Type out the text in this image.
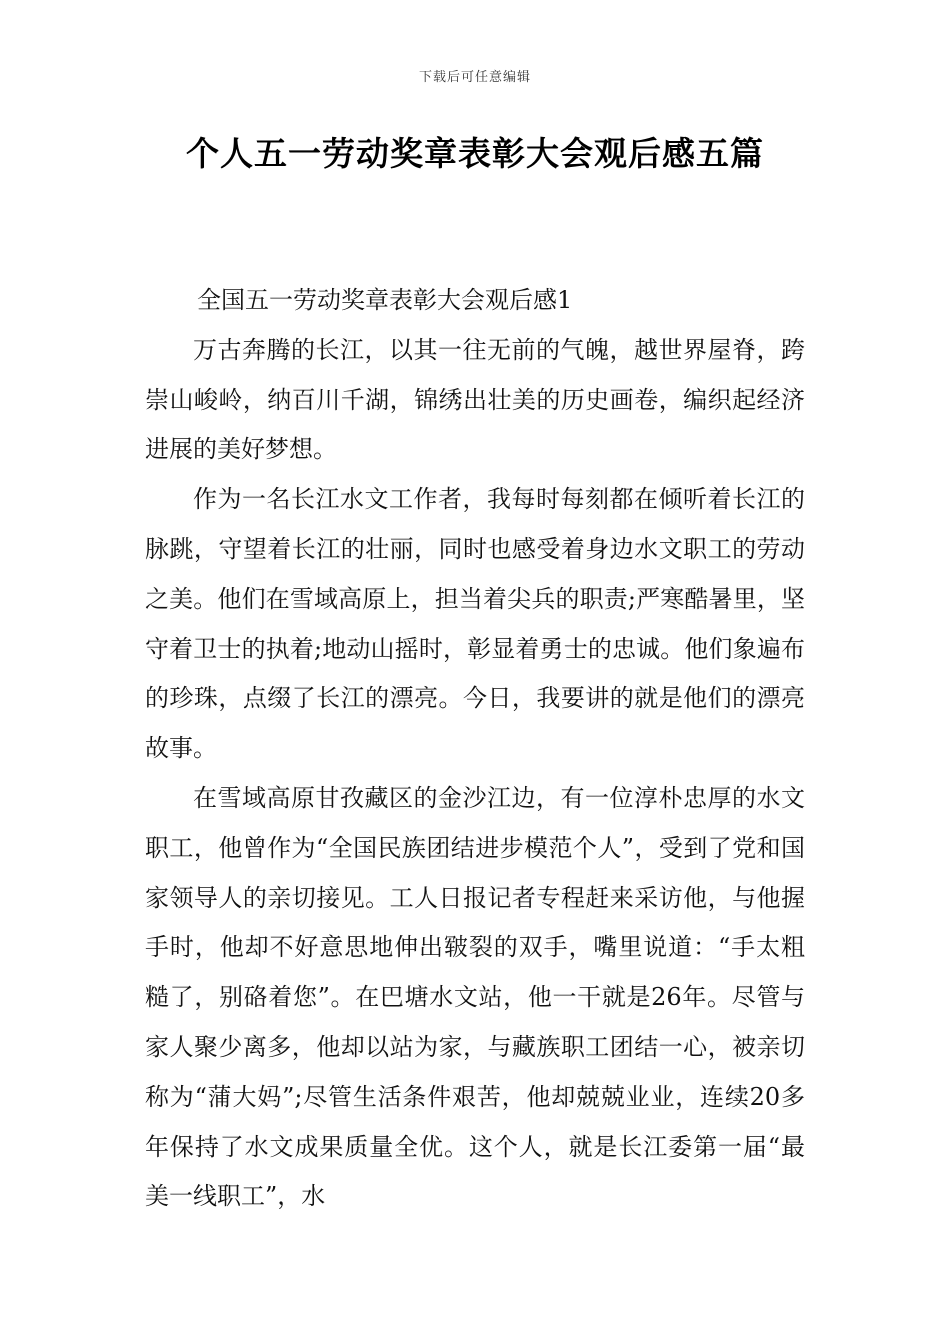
下载后可任意编辑
个人五一劳动奖章表彰大会观后感五篇
全国五一劳动奖章表彰大会观后感1

万古奔腾的长江，以其一往无前的气魄，越世界屋脊，跨崇山峻岭，纳百川千湖，锦绣出壮美的历史画卷，编织起经济进展的美好梦想。

作为一名长江水文工作者，我每时每刻都在倾听着长江的脉跳，守望着长江的壮丽，同时也感受着身边水文职工的劳动之美。他们在雪域高原上，担当着尖兵的职责;严寒酷暑里，坚守着卫士的执着;地动山摇时，彰显着勇士的忠诚。他们象遍布的珍珠，点缀了长江的漂亮。今日，我要讲的就是他们的漂亮故事。

在雪域高原甘孜藏区的金沙江边，有一位淳朴忠厚的水文职工，他曾作为“全国民族团结进步模范个人”，受到了党和国家领导人的亲切接见。工人日报记者专程赶来采访他，与他握手时，他却不好意思地伸出皲裂的双手，嘴里说道：“手太粗糙了，别硌着您”。在巴塘水文站，他一干就是26年。尽管与家人聚少离多，他却以站为家，与藏族职工团结一心，被亲切称为“蒲大妈”;尽管生活条件艰苦，他却兢兢业业，连续20多年保持了水文成果质量全优。这个人，就是长江委第一届“最美一线职工”，水
